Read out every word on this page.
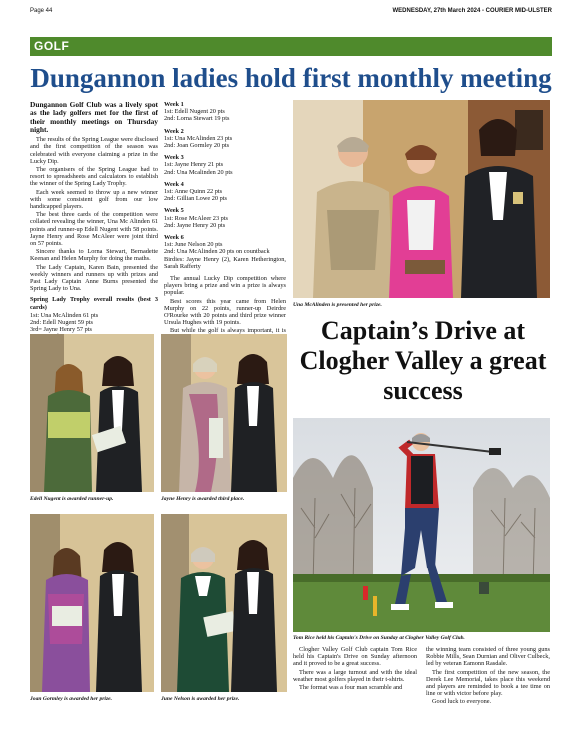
Page 44	WEDNESDAY, 27th March 2024 - COURIER MID-ULSTER
GOLF
Dungannon ladies hold first monthly meeting

Dungannon Golf Club was a lively spot as the lady golfers met for the first of their monthly meetings on Thursday night.

The results of the Spring League were disclosed and the first competition of the season was celebrated with everyone claiming a prize in the Lucky Dip.

The organisers of the Spring League had to resort to spreadsheets and calculators to establish the winner of the Spring Lady Trophy.

Each week seemed to throw up a new winner with some consistent golf from our low handicapped players.

The best three cards of the competition were collated revealing the winner, Una Mc Alinden 61 points and runner-up Edell Nugent with 58 points. Jayne Henry and Rose McAleer were joint third on 57 points.

Sincere thanks to Lorna Stewart, Bernadette Keenan and Helen Murphy for doing the maths.

The Lady Captain, Karen Bain, presented the weekly winners and runners up with prizes and Past Lady Captain Anne Burns presented the Spring Lady to Una.

Spring Lady Trophy overall results (best 3 cards)

1st: Una McAlinden 61 pts

2nd: Edell Nugent 59 pts

3rd= Jayne Henry 57 pts

Week 1
1st: Edell Nugent 20 pts
2nd: Lorna Stewart 19 pts
Week 2
1st: Una McAlinden 23 pts
2nd: Joan Gormley 20 pts
Week 3
1st: Jayne Henry 21 pts
2nd: Una Mcalinden 20 pts
Week 4
1st: Anne Quinn 22 pts
2nd: Gillian Lowe 20 pts
Week 5
1st: Rose McAleer 23 pts
2nd: Jayne Henry 20 pts
Week 6
1st: June Nelson 20 pts
2nd: Una McAlinden 20 pts on countback
Birdies: Jayne Henry (2), Karen Hetherington, Sarah Rafferty

The annual Lucky Dip competition where players bring a prize and win a prize is always popular.

Best scores this year came from Helen Murphy on 22 points, runner-up Deirdre O'Rourke with 20 points and third prize winner Ursula Hughes with 19 points.

But while the golf is always important, it is

Una McAlinden is presented her prize.
Edell Nugent is awarded runner-up.	Jayne Henry is awarded third place.
Joan Gormley is awarded her prize.	June Nelson is awarded her prize.
Captain’s Drive at Clogher Valley a great success
Tom Rice held his Captain's Drive on Sunday at Clogher Valley Golf Club.

Clogher Valley Golf Club captain Tom Rice held his Captain's Drive on Sunday afternoon and it proved to be a great success.

There was a large turnout and with the ideal weather most golfers played in their t-shirts.

The format was a four man scramble and

the winning team consisted of three young guns Robbie Mills, Sean Durnian and Oliver Culbeck, led by veteran Eamonn Rasdale.

The first competition of the new season, the Derek Lee Memorial, takes place this weekend and players are reminded to book a tee time on line or with victor before play.

Good luck to everyone.
